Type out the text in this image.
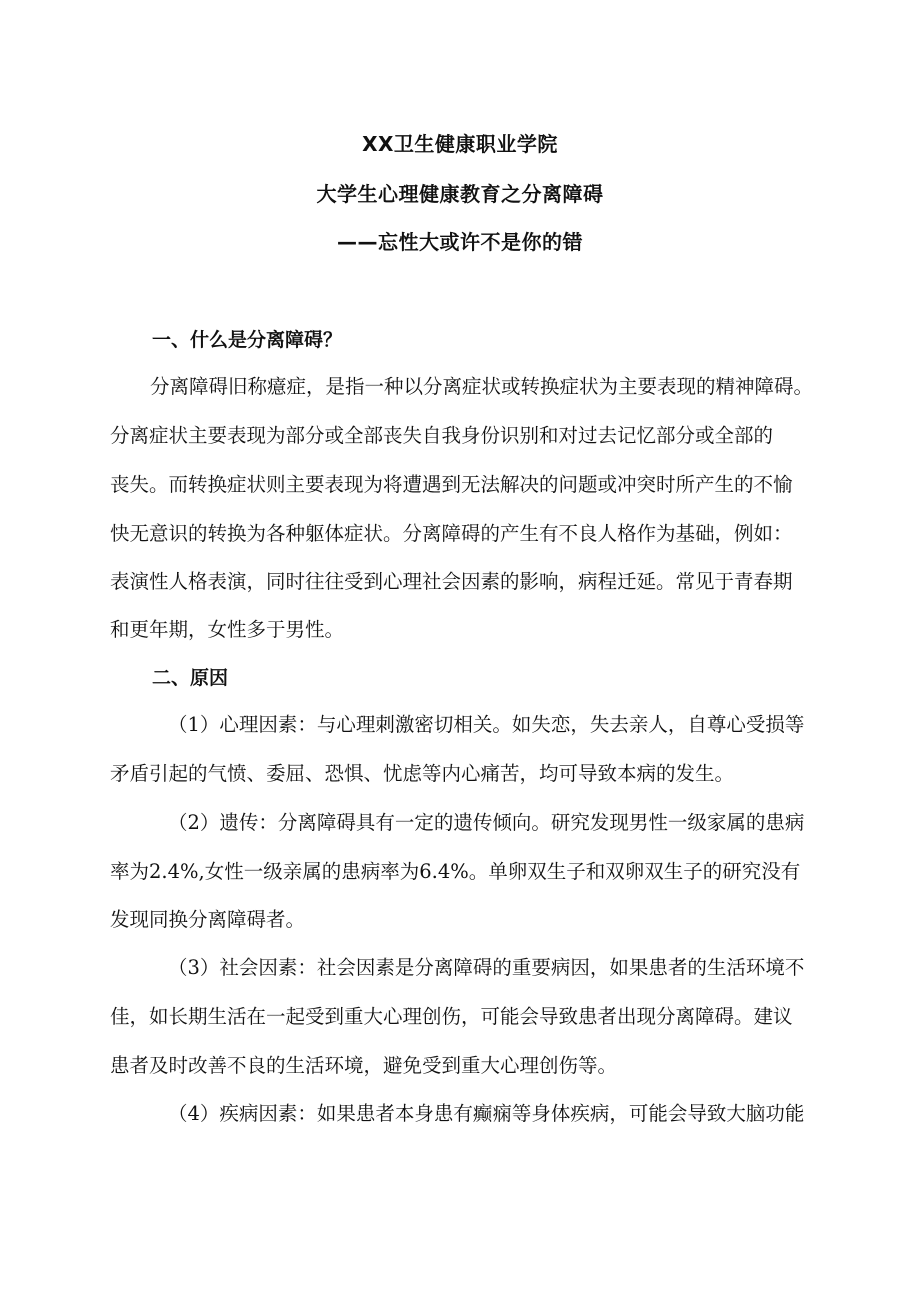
XX卫生健康职业学院
大学生心理健康教育之分离障碍
——忘性大或许不是你的错
一、什么是分离障碍？
分离障碍旧称癔症，是指一种以分离症状或转换症状为主要表现的精神障碍。
分离症状主要表现为部分或全部丧失自我身份识别和对过去记忆部分或全部的
丧失。而转换症状则主要表现为将遭遇到无法解决的问题或冲突时所产生的不愉
快无意识的转换为各种躯体症状。分离障碍的产生有不良人格作为基础，例如：
表演性人格表演，同时往往受到心理社会因素的影响，病程迁延。常见于青春期
和更年期，女性多于男性。
二、原因
（1）心理因素：与心理刺激密切相关。如失恋，失去亲人，自尊心受损等
矛盾引起的气愤、委屈、恐惧、忧虑等内心痛苦，均可导致本病的发生。
（2）遗传：分离障碍具有一定的遗传倾向。研究发现男性一级家属的患病
率为2.4%,女性一级亲属的患病率为6.4%。单卵双生子和双卵双生子的研究没有
发现同换分离障碍者。
（3）社会因素：社会因素是分离障碍的重要病因，如果患者的生活环境不
佳，如长期生活在一起受到重大心理创伤，可能会导致患者出现分离障碍。建议
患者及时改善不良的生活环境，避免受到重大心理创伤等。
（4）疾病因素：如果患者本身患有癫痫等身体疾病，可能会导致大脑功能
